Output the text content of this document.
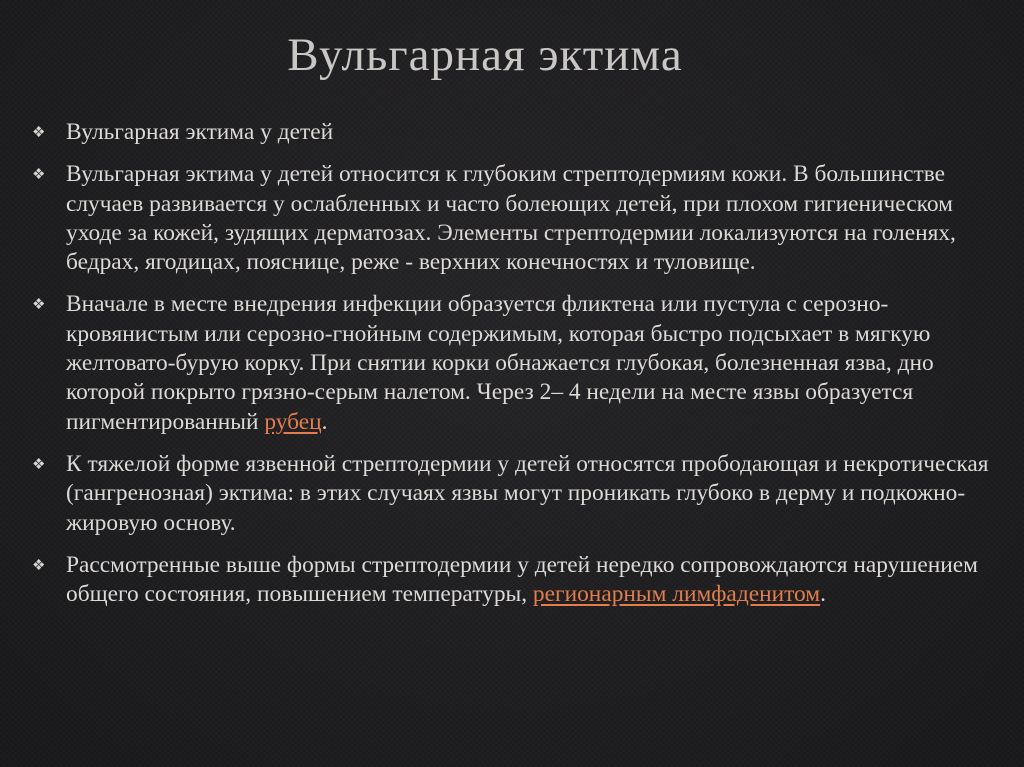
Вульгарная эктима
❖ Вульгарная эктима у детей
❖ Вульгарная эктима у детей относится к глубоким стрептодермиям кожи. В большинстве случаев развивается у ослабленных и часто болеющих детей, при плохом гигиеническом уходе за кожей, зудящих дерматозах. Элементы стрептодермии локализуются на голенях, бедрах, ягодицах, пояснице, реже - верхних конечностях и туловище.
❖ Вначале в месте внедрения инфекции образуется фликтена или пустула с серозно-кровянистым или серозно-гнойным содержимым, которая быстро подсыхает в мягкую желтовато-бурую корку. При снятии корки обнажается глубокая, болезненная язва, дно которой покрыто грязно-серым налетом. Через 2– 4 недели на месте язвы образуется пигментированный рубец.
❖ К тяжелой форме язвенной стрептодермии у детей относятся прободающая и некротическая (гангренозная) эктима: в этих случаях язвы могут проникать глубоко в дерму и подкожно-жировую основу.
❖ Рассмотренные выше формы стрептодермии у детей нередко сопровождаются нарушением общего состояния, повышением температуры, регионарным лимфаденитом.
